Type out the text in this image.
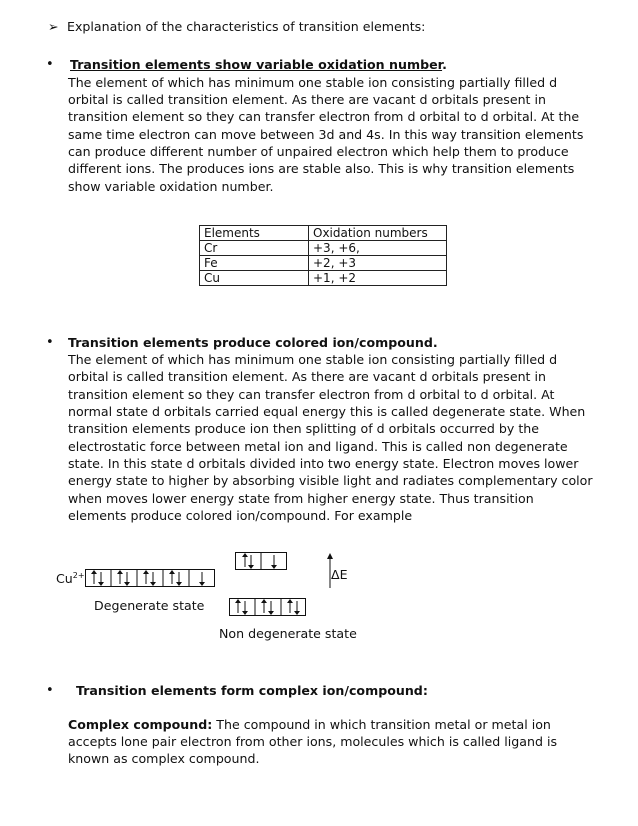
➢ Explanation of the characteristics of transition elements:
• Transition elements show variable oxidation number.
The element of which has minimum one stable ion consisting partially filled d
orbital is called transition element. As there are vacant d orbitals present in
transition element so they can transfer electron from d orbital to d orbital. At the
same time electron can move between 3d and 4s. In this way transition elements
can produce different number of unpaired electron which help them to produce
different ions. The produces ions are stable also. This is why transition elements
show variable oxidation number.
Elements	Oxidation numbers
Cr	+3, +6,
Fe	+2, +3
Cu	+1, +2
• Transition elements produce colored ion/compound.
The element of which has minimum one stable ion consisting partially filled d
orbital is called transition element. As there are vacant d orbitals present in
transition element so they can transfer electron from d orbital to d orbital. At
normal state d orbitals carried equal energy this is called degenerate state. When
transition elements produce ion then splitting of d orbitals occurred by the
electrostatic force between metal ion and ligand. This is called non degenerate
state. In this state d orbitals divided into two energy state. Electron moves lower
energy state to higher by absorbing visible light and radiates complementary color
when moves lower energy state from higher energy state. Thus transition
elements produce colored ion/compound. For example
$Cu^{2+}$
Degenerate state
ΔE
Non degenerate state
• Transition elements form complex ion/compound:
Complex compound: The compound in which transition metal or metal ion
accepts lone pair electron from other ions, molecules which is called ligand is
known as complex compound.
